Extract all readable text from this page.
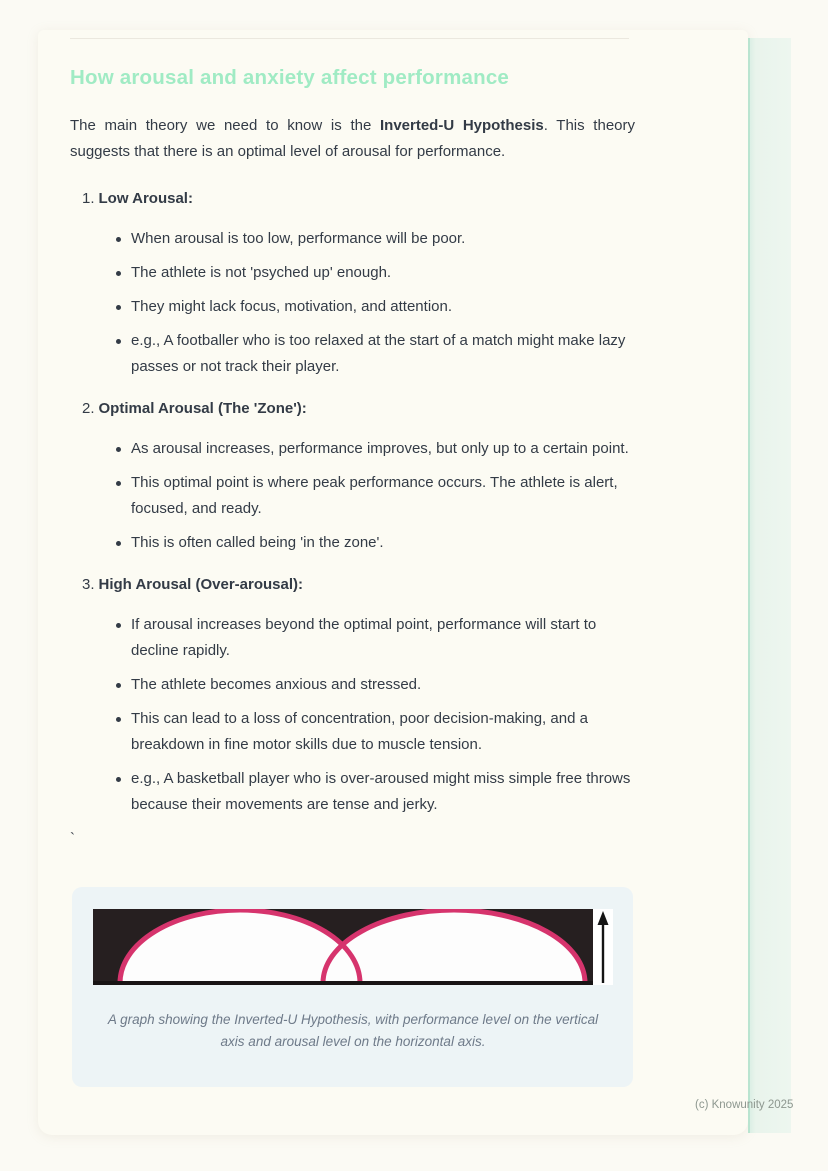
How arousal and anxiety affect performance

The main theory we need to know is the Inverted-U Hypothesis. This theory suggests that there is an optimal level of arousal for performance.

1. Low Arousal:
When arousal is too low, performance will be poor.
The athlete is not 'psyched up' enough.
They might lack focus, motivation, and attention.
e.g., A footballer who is too relaxed at the start of a match might make lazy passes or not track their player.
2. Optimal Arousal (The 'Zone'):
As arousal increases, performance improves, but only up to a certain point.
This optimal point is where peak performance occurs. The athlete is alert, focused, and ready.
This is often called being 'in the zone'.
3. High Arousal (Over-arousal):
If arousal increases beyond the optimal point, performance will start to decline rapidly.
The athlete becomes anxious and stressed.
This can lead to a loss of concentration, poor decision-making, and a breakdown in fine motor skills due to muscle tension.
e.g., A basketball player who is over-aroused might miss simple free throws because their movements are tense and jerky.

`

A graph showing the Inverted-U Hypothesis, with performance level on the vertical axis and arousal level on the horizontal axis.
(c) Knowunity 2025
